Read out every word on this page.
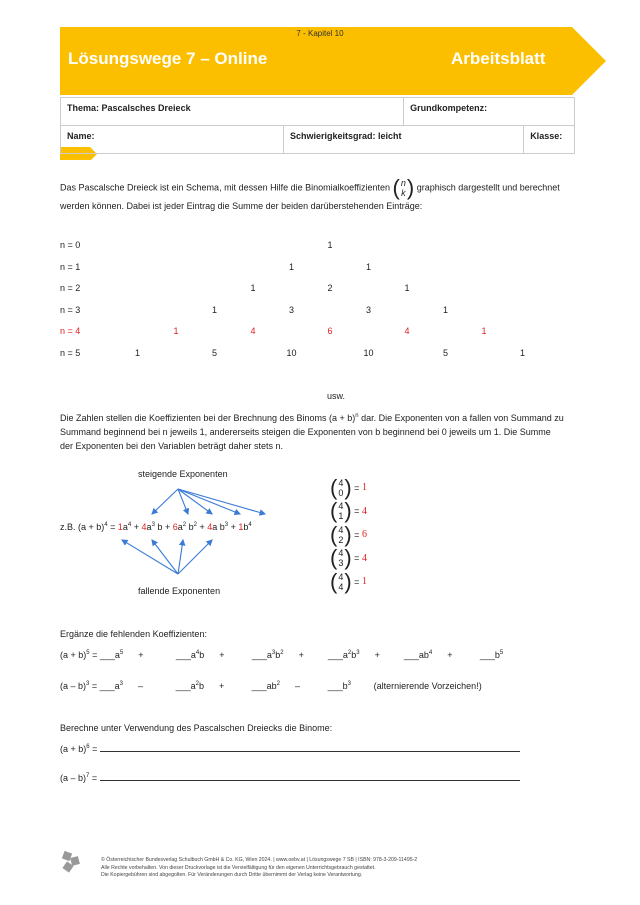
7 - Kapitel 10
Lösungswege 7 – Online	Arbeitsblatt
Thema: Pascalsches Dreieck		Grundkompetenz:	
Name:	Schwierigkeitsgrad: leicht		Klasse:
Das Pascalsche Dreieck ist ein Schema, mit dessen Hilfe die Binomialkoeffizienten ( n
k ) graphisch dargestellt und berechnet
werden können. Dabei ist jeder Eintrag die Summe der beiden darüberstehenden Einträge:
n = 0	1
n = 1	1	1
n = 2	1	2	1
n = 3	1	3	3	1
n = 4	1	4	6	4	1
n = 5	1	5	10	10	5	1
usw.
Die Zahlen stellen die Koeffizienten bei der Brechnung des Binoms $(a + b)^n$ dar. Die Exponenten von a fallen von Summand zu
Summand beginnend bei n jeweils 1, andererseits steigen die Exponenten von b beginnend bei 0 jeweils um 1. Die Summe
der Exponenten bei den Variablen beträgt daher stets n.
steigende Exponenten
fallende Exponenten
z.B. $(a + b)^4 = 1a^4 + 4a^3$ $b + 6a^2$ $b^2 + 4a$ $b^3 + 1b^4$
( 4
0 ) = 1
( 4
1 ) = 4
( 4
2 ) = 6
( 4
3 ) = 4
( 4
4 ) = 1
Ergänze die fehlenden Koeffizienten:
$(a + b)^5$ = $\_\_\_a^5$      +	$\_\_\_a^4b$      +	$\_\_\_a^3b^2$      +	$\_\_\_a^2b^3$      +	$\_\_\_ab^4$      +	$\_\_\_b^5$
$(a - b)^3 = \_\_\_a^3$      –	$\_\_\_a^2b$      +	$\_\_\_ab^2$      –	$\_\_\_b^3$	(alternierende Vorzeichen!)
Berechne unter Verwendung des Pascalschen Dreiecks die Binome:
$(a + b)^6$ =
(a – b)$^7$ =
© Österreichischer Bundesverlag Schulbuch GmbH & Co. KG, Wien 2024. | www.oebv.at | Lösungswege 7 SB | ISBN: 978-3-209-11495-2
Alle Rechte vorbehalten. Von dieser Druckvorlage ist die Vervielfältigung für den eigenen Unterrichtsgebrauch gestattet.
Die Kopiergebühren sind abgegolten. Für Veränderungen durch Dritte übernimmt der Verlag keine Verantwortung.
